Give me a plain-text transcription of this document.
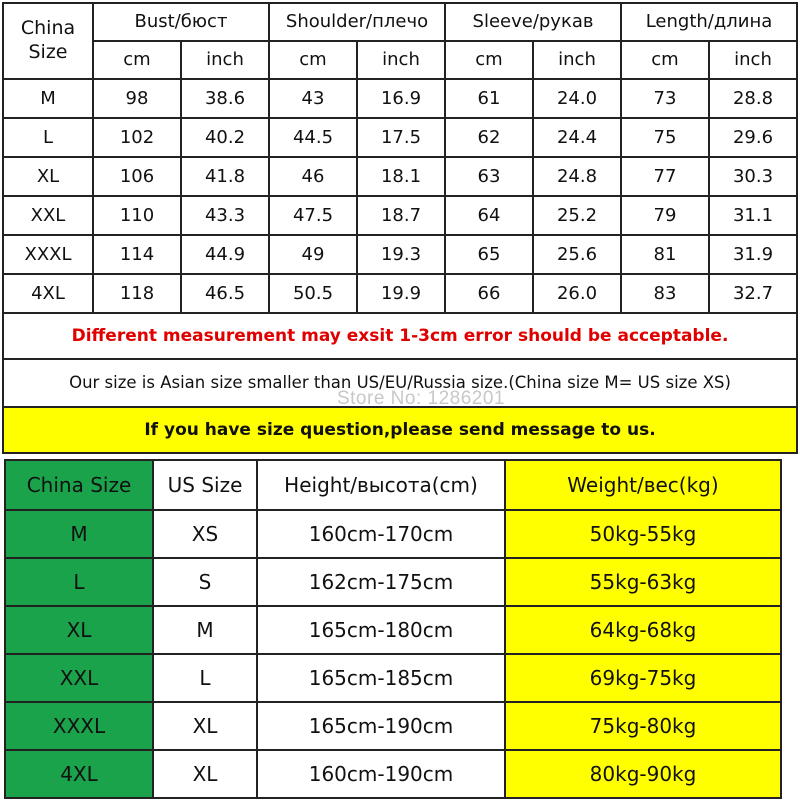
China
Size	Bust/бюст		Shoulder/плечо		Sleeve/рукав		Length/длина	
	cm	inch	cm	inch	cm	inch	cm	inch
M	98	38.6	43	16.9	61	24.0	73	28.8
L	102	40.2	44.5	17.5	62	24.4	75	29.6
XL	106	41.8	46	18.1	63	24.8	77	30.3
XXL	110	43.3	47.5	18.7	64	25.2	79	31.1
XXXL	114	44.9	49	19.3	65	25.6	81	31.9
4XL	118	46.5	50.5	19.9	66	26.0	83	32.7
Different measurement may exsit 1-3cm error should be acceptable.								
Our size is Asian size smaller than US/EU/Russia size.(China size M= US size XS)								
If you have size question,please send message to us.								
Store No: 1286201
China Size	US Size	Height/высота(cm)	Weight/вес(kg)
M	XS	160cm-170cm	50kg-55kg
L	S	162cm-175cm	55kg-63kg
XL	M	165cm-180cm	64kg-68kg
XXL	L	165cm-185cm	69kg-75kg
XXXL	XL	165cm-190cm	75kg-80kg
4XL	XL	160cm-190cm	80kg-90kg
